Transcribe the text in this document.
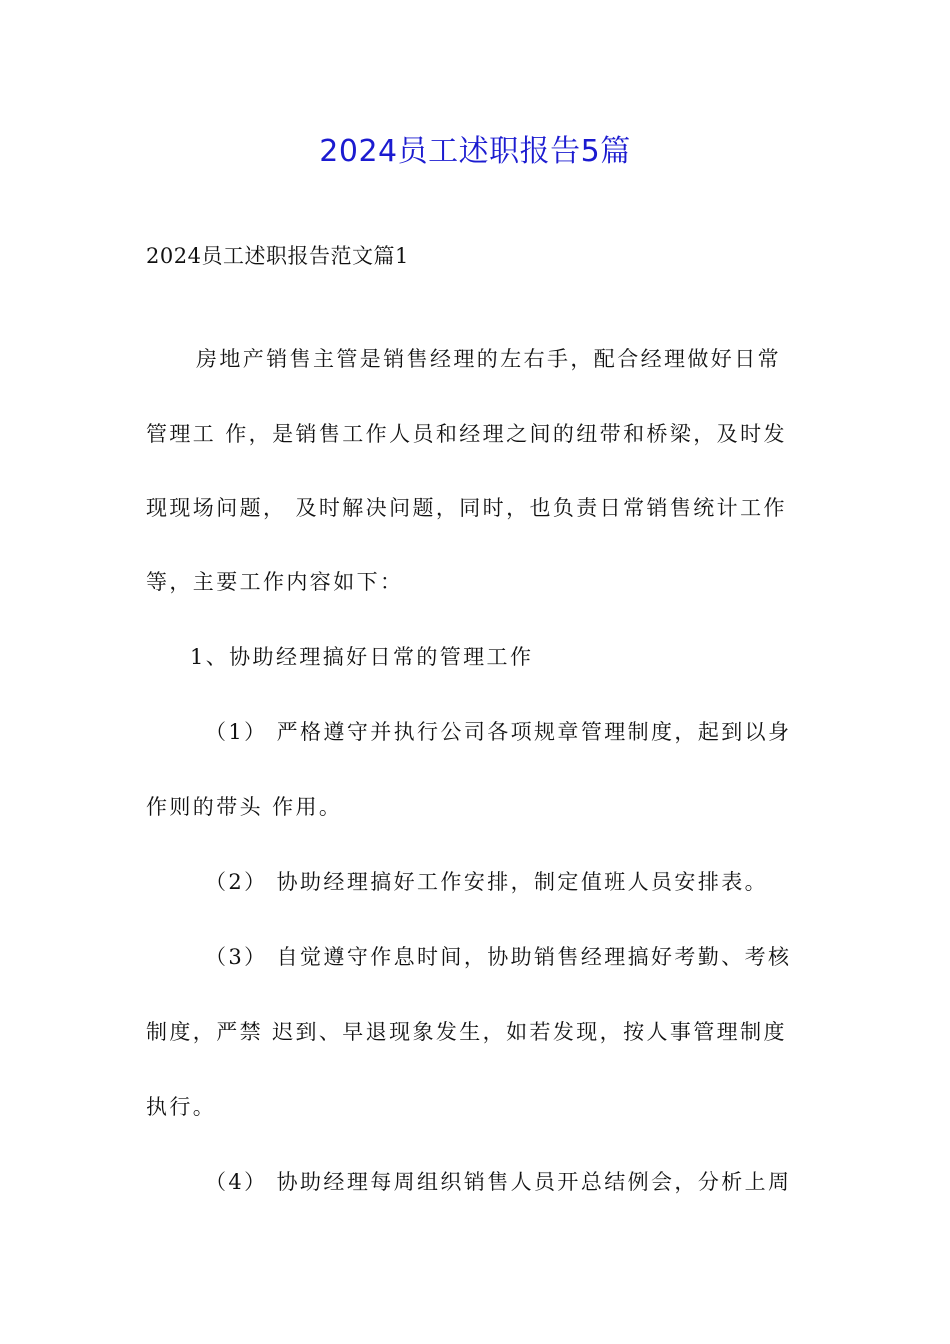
2024员工述职报告5篇
2024员工述职报告范文篇1
房地产销售主管是销售经理的左右手，配合经理做好日常
管理工 作，是销售工作人员和经理之间的纽带和桥梁，及时发
现现场问题， 及时解决问题，同时，也负责日常销售统计工作
等，主要工作内容如下：
1、协助经理搞好日常的管理工作
（1） 严格遵守并执行公司各项规章管理制度，起到以身
作则的带头 作用。
（2） 协助经理搞好工作安排，制定值班人员安排表。
（3） 自觉遵守作息时间，协助销售经理搞好考勤、考核
制度，严禁 迟到、早退现象发生，如若发现，按人事管理制度
执行。
（4） 协助经理每周组织销售人员开总结例会，分析上周
